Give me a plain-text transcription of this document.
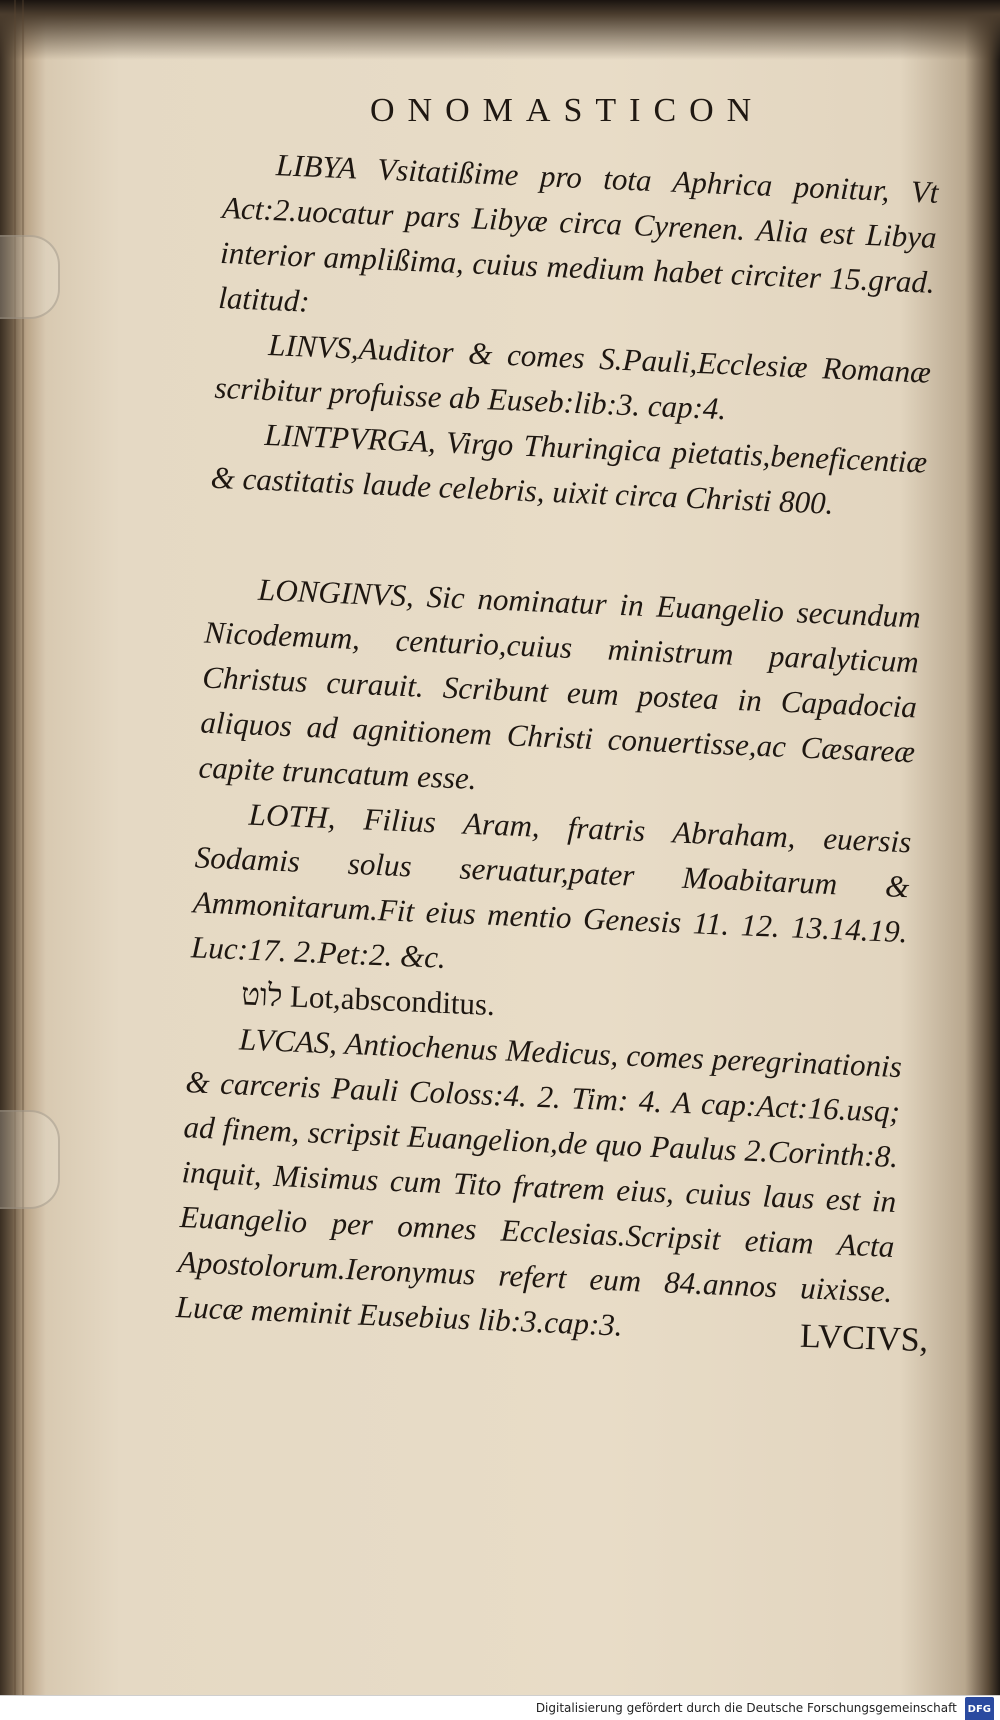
ONOMASTICON

LIBYA Vsitatißime pro tota Aphrica ponitur, Vt Act:2.uocatur pars Libyæ circa Cyrenen. Alia est Libya interior amplißima, cuius medium habet circiter 15.grad. latitud:

LINVS,Auditor & comes S.Pauli,Ecclesiæ Romanæ scribitur profuisse ab Euseb:lib:3. cap:4.

LINTPVRGA, Virgo Thuringica pietatis,beneficentiæ & castitatis laude celebris, uixit circa Christi 800.

LONGINVS, Sic nominatur in Euangelio secundum Nicodemum, centurio,cuius ministrum paralyticum Christus curauit. Scribunt eum postea in Capadocia aliquos ad agnitionem Christi conuertisse,ac Cæsareæ capite truncatum esse.

LOTH, Filius Aram, fratris Abraham, euersis Sodamis solus seruatur,pater Moabitarum & Ammonitarum.Fit eius mentio Genesis 11. 12. 13.14.19. Luc:17. 2.Pet:2. &c.

לוט Lot,absconditus.

LVCAS, Antiochenus Medicus, comes peregrinationis & carceris Pauli Coloss:4. 2. Tim: 4. A cap:Act:16.usq; ad finem, scripsit Euangelion,de quo Paulus 2.Corinth:8. inquit, Misimus cum Tito fratrem eius, cuius laus est in Euangelio per omnes Ecclesias.Scripsit etiam Acta Apostolorum.Ieronymus refert eum 84.annos uixisse. Lucæ meminit Eusebius lib:3.cap:3.	LVCIVS,
Digitalisierung gefördert durch die Deutsche Forschungsgemeinschaft DFG
